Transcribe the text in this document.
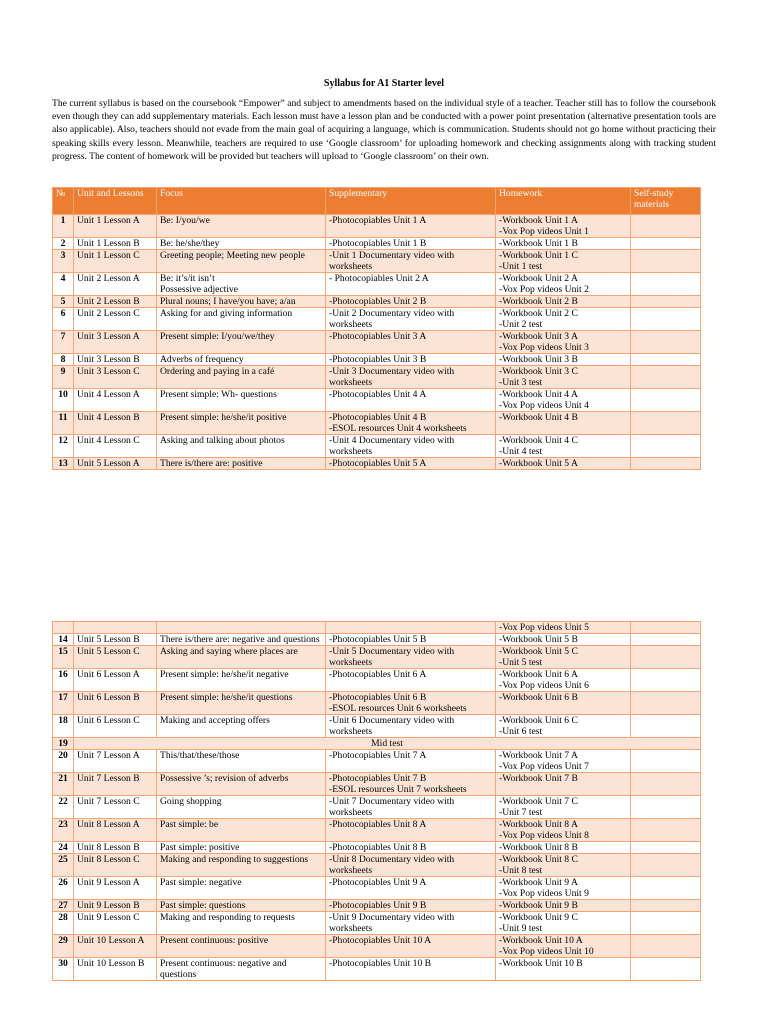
Syllabus for A1 Starter level

The current syllabus is based on the coursebook “Empower” and subject to amendments based on the individual style of a teacher. Teacher still has to follow the coursebook even though they can add supplementary materials. Each lesson must have a lesson plan and be conducted with a power point presentation (alternative presentation tools are also applicable). Also, teachers should not evade from the main goal of acquiring a language, which is communication. Students should not go home without practicing their speaking skills every lesson. Meanwhile, teachers are required to use ‘Google classroom’ for uploading homework and checking assignments along with tracking student progress. The content of homework will be provided but teachers will upload to ‘Google classroom’ on their own.

№	Unit and Lessons	Focus	Supplementary	Homework	Self-study materials
1	Unit 1 Lesson A	Be: I/you/we	-Photocopiables Unit 1 A	-Workbook Unit 1 A
-Vox Pop videos Unit 1	
2	Unit 1 Lesson B	Be: he/she/they	-Photocopiables Unit 1 B	-Workbook Unit 1 B	
3	Unit 1 Lesson C	Greeting people; Meeting new people	-Unit 1 Documentary video with worksheets	-Workbook Unit 1 C
-Unit 1 test	
4	Unit 2 Lesson A	Be: it’s/it isn’t
Possessive adjective	- Photocopiables Unit 2 A	-Workbook Unit 2 A
-Vox Pop videos Unit 2	
5	Unit 2 Lesson B	Plural nouns; I have/you have; a/an	-Photocopiables Unit 2 B	-Workbook Unit 2 B	
6	Unit 2 Lesson C	Asking for and giving information	-Unit 2 Documentary video with worksheets	-Workbook Unit 2 C
-Unit 2 test	
7	Unit 3 Lesson A	Present simple: I/you/we/they	-Photocopiables Unit 3 A	-Workbook Unit 3 A
-Vox Pop videos Unit 3	
8	Unit 3 Lesson B	Adverbs of frequency	-Photocopiables Unit 3 B	-Workbook Unit 3 B	
9	Unit 3 Lesson C	Ordering and paying in a café	-Unit 3 Documentary video with worksheets	-Workbook Unit 3 C
-Unit 3 test	
10	Unit 4 Lesson A	Present simple: Wh- questions	-Photocopiables Unit 4 A	-Workbook Unit 4 A
-Vox Pop videos Unit 4	
11	Unit 4 Lesson B	Present simple: he/she/it positive	-Photocopiables Unit 4 B
-ESOL resources Unit 4 worksheets	-Workbook Unit 4 B	
12	Unit 4 Lesson C	Asking and talking about photos	-Unit 4 Documentary video with worksheets	-Workbook Unit 4 C
-Unit 4 test	
13	Unit 5 Lesson A	There is/there are: positive	-Photocopiables Unit 5 A	-Workbook Unit 5 A	
				-Vox Pop videos Unit 5	
14	Unit 5 Lesson B	There is/there are: negative and questions	-Photocopiables Unit 5 B	-Workbook Unit 5 B	
15	Unit 5 Lesson C	Asking and saying where places are	-Unit 5 Documentary video with worksheets	-Workbook Unit 5 C
-Unit 5 test	
16	Unit 6 Lesson A	Present simple: he/she/it negative	-Photocopiables Unit 6 A	-Workbook Unit 6 A
-Vox Pop videos Unit 6	
17	Unit 6 Lesson B	Present simple: he/she/it questions	-Photocopiables Unit 6 B
-ESOL resources Unit 6 worksheets	-Workbook Unit 6 B	
18	Unit 6 Lesson C	Making and accepting offers	-Unit 6 Documentary video with worksheets	-Workbook Unit 6 C
-Unit 6 test	
19	Mid test				
20	Unit 7 Lesson A	This/that/these/those	-Photocopiables Unit 7 A	-Workbook Unit 7 A
-Vox Pop videos Unit 7	
21	Unit 7 Lesson B	Possessive ’s; revision of adverbs	-Photocopiables Unit 7 B
-ESOL resources Unit 7 worksheets	-Workbook Unit 7 B	
22	Unit 7 Lesson C	Going shopping	-Unit 7 Documentary video with worksheets	-Workbook Unit 7 C
-Unit 7 test	
23	Unit 8 Lesson A	Past simple: be	-Photocopiables Unit 8 A	-Workbook Unit 8 A
-Vox Pop videos Unit 8	
24	Unit 8 Lesson B	Past simple: positive	-Photocopiables Unit 8 B	-Workbook Unit 8 B	
25	Unit 8 Lesson C	Making and responding to suggestions	-Unit 8 Documentary video with worksheets	-Workbook Unit 8 C
-Unit 8 test	
26	Unit 9 Lesson A	Past simple: negative	-Photocopiables Unit 9 A	-Workbook Unit 9 A
-Vox Pop videos Unit 9	
27	Unit 9 Lesson B	Past simple: questions	-Photocopiables Unit 9 B	-Workbook Unit 9 B	
28	Unit 9 Lesson C	Making and responding to requests	-Unit 9 Documentary video with worksheets	-Workbook Unit 9 C
-Unit 9 test	
29	Unit 10 Lesson A	Present continuous: positive	-Photocopiables Unit 10 A	-Workbook Unit 10 A
-Vox Pop videos Unit 10	
30	Unit 10 Lesson B	Present continuous: negative and questions	-Photocopiables Unit 10 B	-Workbook Unit 10 B	
